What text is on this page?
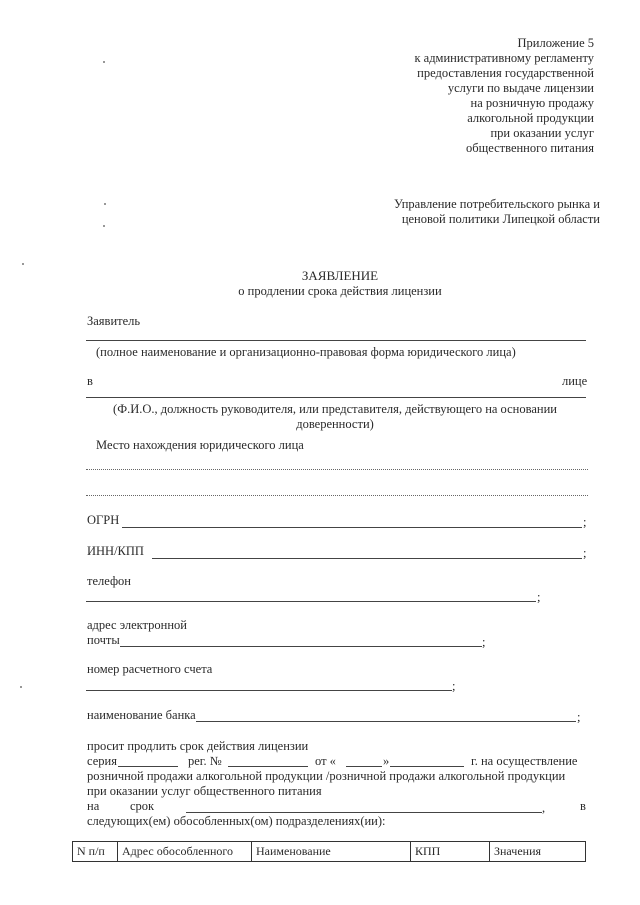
Приложение 5
к административному регламенту
предоставления государственной
услуги по выдаче лицензии
на розничную продажу
алкогольной продукции
при оказании услуг
общественного питания
Управление потребительского рынка и
ценовой политики Липецкой области
ЗАЯВЛЕНИЕ
о продлении срока действия лицензии
Заявитель
(полное наименование и организационно-правовая форма юридического лица)
в	лице
(Ф.И.О., должность руководителя, или представителя, действующего на основании
доверенности)
Место нахождения юридического лица
ОГРН	;
ИНН/КПП	;
телефон
;
адрес электронной
почты	;
номер расчетного счета
;
наименование банка	;
просит продлить срок действия лицензии
серия	рег. №	от «	»	г. на осуществление
розничной продажи алкогольной продукции /розничной продажи алкогольной продукции
при оказании услуг общественного питания
на срок	,	в
следующих(ем) обособленных(ом) подразделениях(ии):
N п/п	Адрес обособленного	Наименование	КПП	Значения
